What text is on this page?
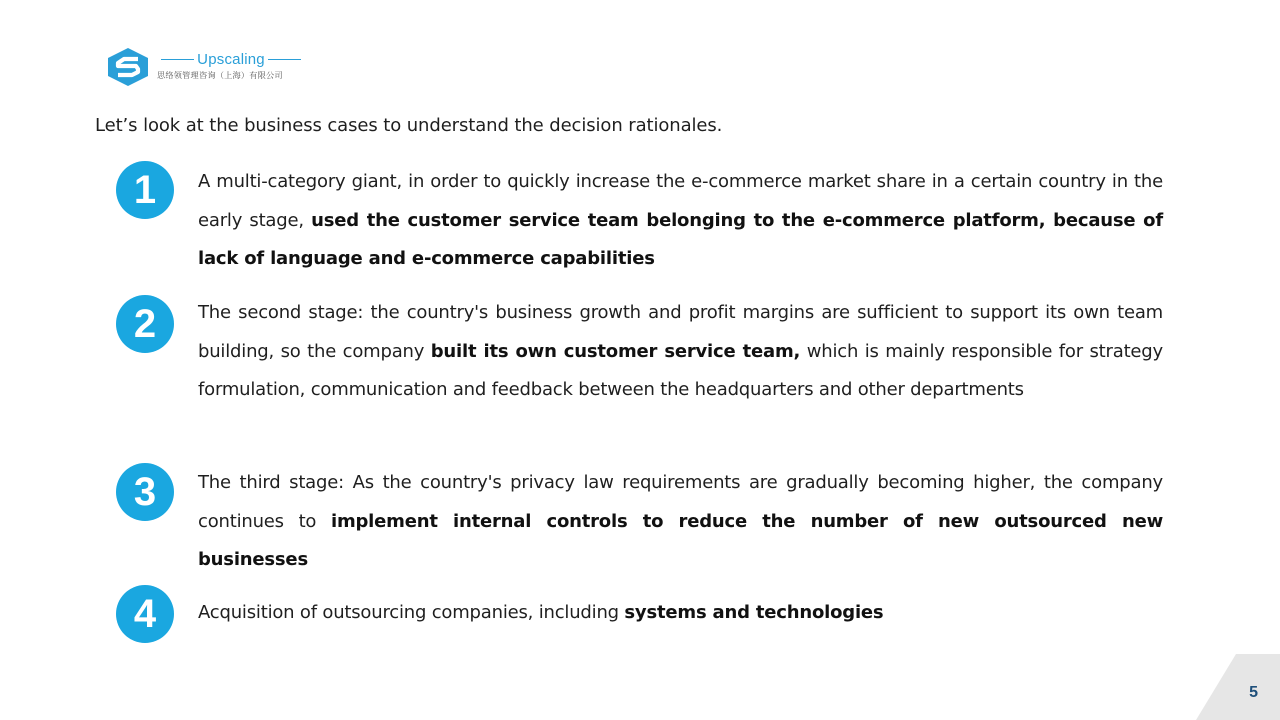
Upscaling
思络领管理咨询（上海）有限公司
Let’s look at the business cases to understand the decision rationales.
1	A multi-category giant, in order to quickly increase the e-commerce market share in a certain country in the early stage, used the customer service team belonging to the e-commerce platform, because of lack of language and e-commerce capabilities

2	The second stage: the country's business growth and profit margins are sufficient to support its own team building, so the company built its own customer service team, which is mainly responsible for strategy formulation, communication and feedback between the headquarters and other departments

3	The third stage: As the country's privacy law requirements are gradually becoming higher, the company continues to implement internal controls to reduce the number of new outsourced new businesses

4	Acquisition of outsourcing companies, including systems and technologies

5
